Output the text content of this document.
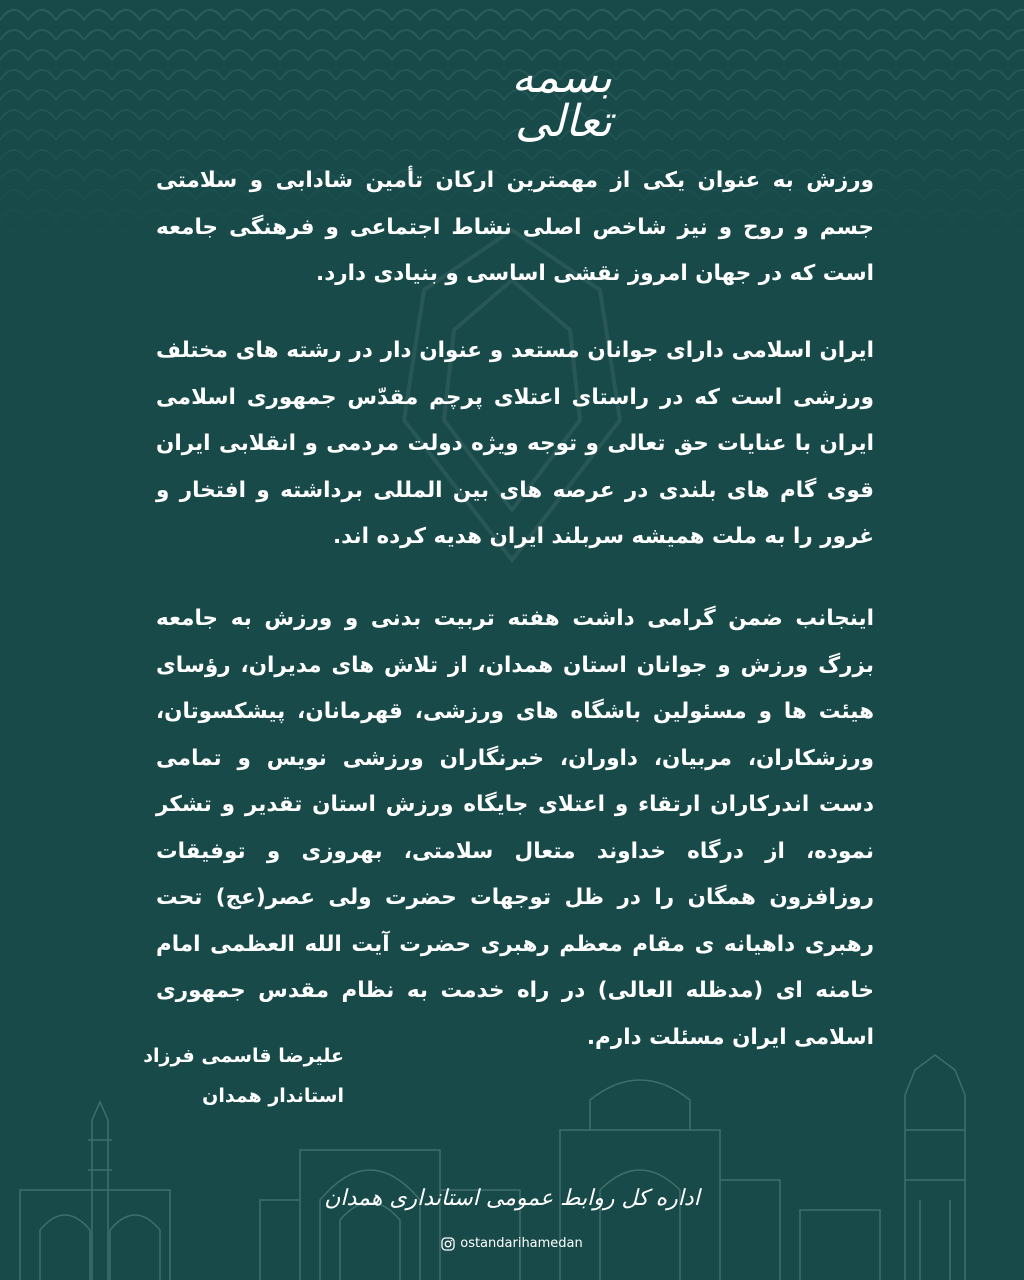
بسمه تعالی

ورزش به عنوان یکی از مهمترین ارکان تأمین شادابی و سلامتی جسم و روح و نیز شاخص اصلی نشاط اجتماعی و فرهنگی جامعه است که در جهان امروز نقشی اساسی و بنیادی دارد.

ایران اسلامی دارای جوانان مستعد و عنوان دار در رشته های مختلف ورزشی است که در راستای اعتلای پرچم مقدّس جمهوری اسلامی ایران با عنایات حق تعالی و توجه ویژه دولت مردمی و انقلابی ایران قوی گام های بلندی در عرصه های بین المللی برداشته و افتخار و غرور را به ملت همیشه سربلند ایران هدیه کرده اند.

اینجانب ضمن گرامی داشت هفته تربیت بدنی و ورزش به جامعه بزرگ ورزش و جوانان استان همدان، از تلاش های مدیران، رؤسای هیئت ها و مسئولین باشگاه های ورزشی، قهرمانان، پیشکسوتان، ورزشکاران، مربیان، داوران، خبرنگاران ورزشی نویس و تمامی دست اندرکاران ارتقاء و اعتلای جایگاه ورزش استان تقدیر و تشکر نموده، از درگاه خداوند متعال سلامتی، بهروزی و توفیقات روزافزون همگان را در ظل توجهات حضرت ولی عصر(عج) تحت رهبری داهیانه ی مقام معظم رهبری حضرت آیت الله العظمی امام خامنه ای (مدظله العالی) در راه خدمت به نظام مقدس جمهوری اسلامی ایران مسئلت دارم.

علیرضا قاسمی فرزاد
استاندار همدان
اداره کل روابط عمومی استانداری همدان
ostandarihamedan
